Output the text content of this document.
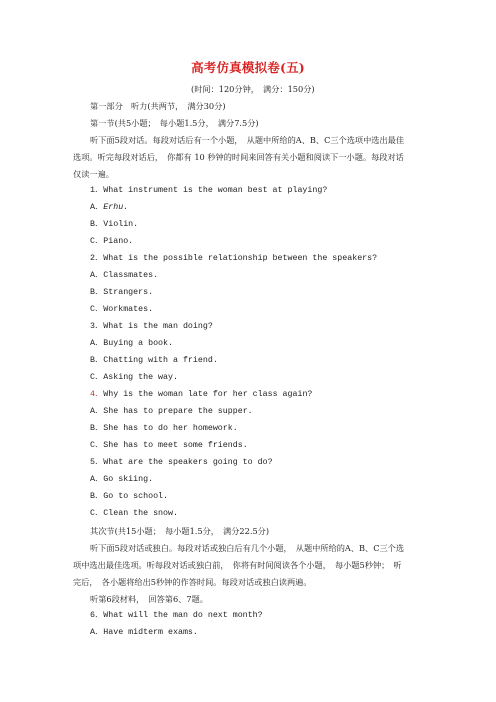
高考仿真模拟卷(五)
(时间：120分钟，　满分：150分)
第一部分　听力(共两节，　满分30分)
第一节(共5小题；　每小题1.5分，　满分7.5分)
听下面5段对话。每段对话后有一个小题，　从题中所给的A、B、C三个选项中选出最佳
选项。听完每段对话后，　你都有 10 秒钟的时间来回答有关小题和阅读下一小题。每段对话
仅读一遍。
1．What instrument is the woman best at playing?
A．Erhu.
B．Violin.
C．Piano.
2．What is the possible relationship between the speakers?
A．Classmates.
B．Strangers.
C．Workmates.
3．What is the man doing?
A．Buying a book.
B．Chatting with a friend.
C．Asking the way.
4．Why is the woman late for her class again?
A．She has to prepare the supper.
B．She has to do her homework.
C．She has to meet some friends.
5．What are the speakers going to do?
A．Go skiing.
B．Go to school.
C．Clean the snow.
其次节(共15小题；　每小题1.5分，　满分22.5分)
听下面5段对话或独白。每段对话或独白后有几个小题，　从题中所给的A、B、C三个选
项中选出最佳选项。听每段对话或独白前，　你将有时间阅读各个小题，　每小题5秒钟；　听
完后，　各小题将给出5秒钟的作答时间。每段对话或独白读两遍。
听第6段材料，　回答第6、7题。
6．What will the man do next month?
A．Have midterm exams.
